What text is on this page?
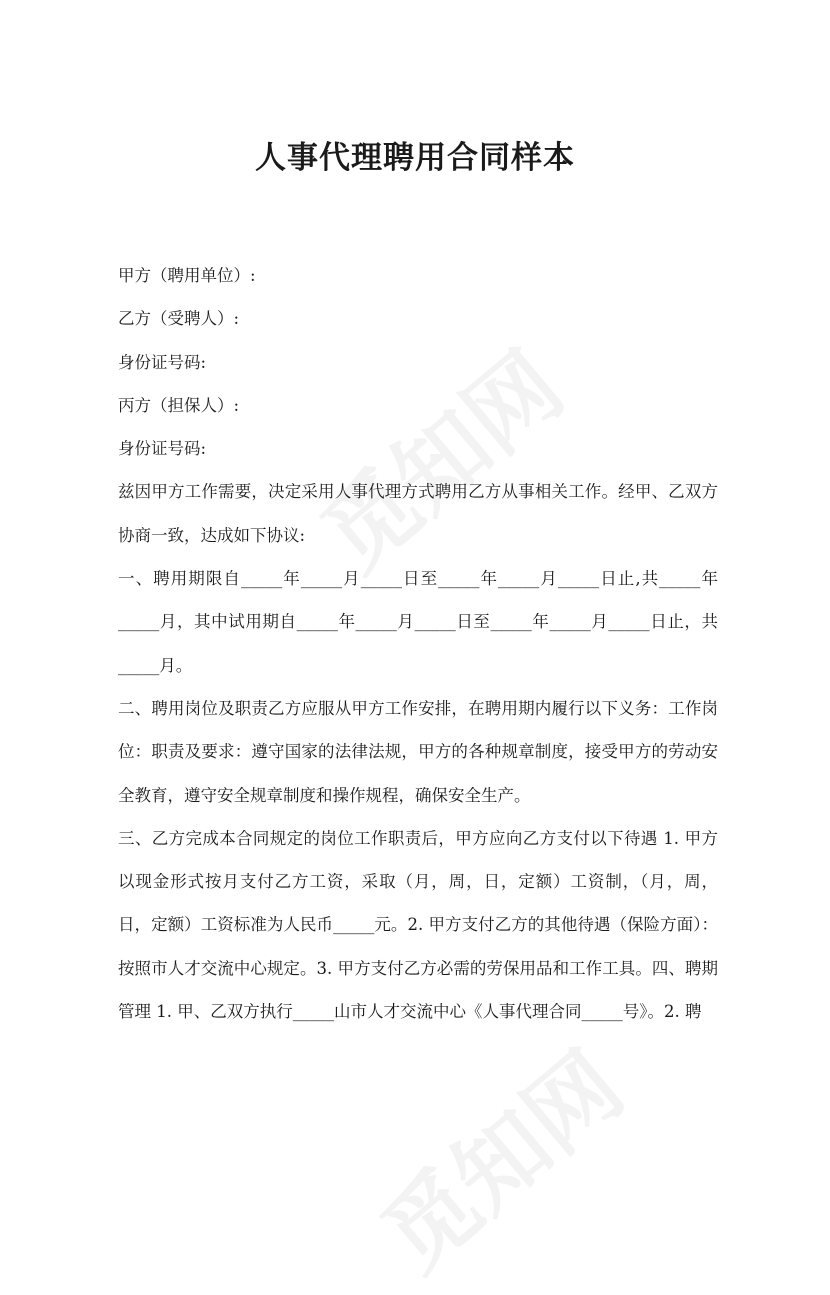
人事代理聘用合同样本

甲方（聘用单位）:

乙方（受聘人）:

身份证号码:

丙方（担保人）:

身份证号码:

兹因甲方工作需要，决定采用人事代理方式聘用乙方从事相关工作。经甲、乙双方协商一致，达成如下协议:

一、聘用期限自_____年_____月_____日至_____年_____月_____日止,共_____年_____月，其中试用期自_____年_____月_____日至_____年_____月_____日止，共_____月。

二、聘用岗位及职责乙方应服从甲方工作安排，在聘用期内履行以下义务：工作岗位：职责及要求：遵守国家的法律法规，甲方的各种规章制度，接受甲方的劳动安全教育，遵守安全规章制度和操作规程，确保安全生产。

三、乙方完成本合同规定的岗位工作职责后，甲方应向乙方支付以下待遇 1. 甲方以现金形式按月支付乙方工资，采取（月，周，日，定额）工资制，（月，周，日，定额）工资标准为人民币_____元。2. 甲方支付乙方的其他待遇（保险方面）：按照市人才交流中心规定。3. 甲方支付乙方必需的劳保用品和工作工具。四、聘期管理 1. 甲、乙双方执行_____山市人才交流中心《人事代理合同_____号》。2. 聘
